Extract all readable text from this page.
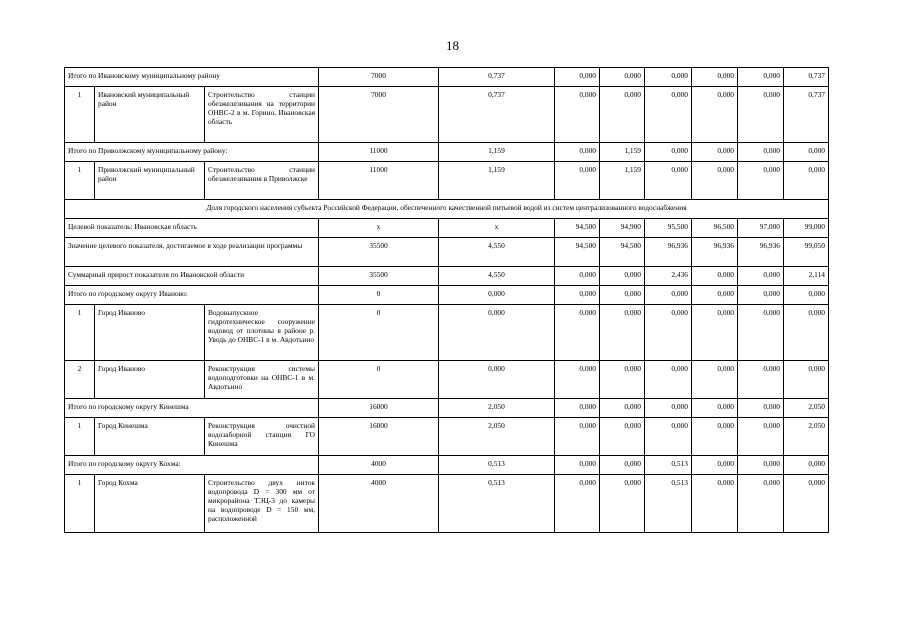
18
Итого по Ивановскому муниципальному району			7000	0,737	0,000	0,000	0,000	0,000	0,000	0,737
1	Ивановский муниципальный район	Строительство станции обезжелезивания на территории ОНВС-2 в м. Горино, Ивановская область	7000	0,737	0,000	0,000	0,000	0,000	0,000	0,737
Итого по Приволжскому муниципальному району:			11000	1,159	0,000	1,159	0,000	0,000	0,000	0,000
1	Приволжский муниципальный район	Строительство станции обезжелезивания в Приволжске	11000	1,159	0,000	1,159	0,000	0,000	0,000	0,000
Доля городского населения субъекта Российской Федерации, обеспеченного качественной питьевой водой из систем централизованного водоснабжения										
Целевой показатель: Ивановская область			х	х	94,500	94,900	95,500	96,500	97,000	99,000
Значение целевого показателя, достигаемое в ходе реализации программы			35500	4,550	94,500	94,500	96,936	96,936	96,936	99,050
Суммарный прирост показателя по Ивановской области			35500	4,550	0,000	0,000	2,436	0,000	0,000	2,114
Итого по городскому округу Иваново:			0	0,000	0,000	0,000	0,000	0,000	0,000	0,000
1	Город Иваново	Водовыпускное гидротехническое сооружение водовод от плотины в районе р. Уводь до ОНВС-1 в м. Авдотьино	0	0,000	0,000	0,000	0,000	0,000	0,000	0,000
2	Город Иваново	Реконструкция системы водоподготовки на ОНВС-1 в м. Авдотьино	0	0,000	0,000	0,000	0,000	0,000	0,000	0,000
Итого по городскому округу Кинешма			16000	2,050	0,000	0,000	0,000	0,000	0,000	2,050
1	Город Кинешма	Реконструкция очистной водозаборной станции ГО Кинешма	16000	2,050	0,000	0,000	0,000	0,000	0,000	2,050
Итого по городскому округу Кохма:			4000	0,513	0,000	0,000	0,513	0,000	0,000	0,000
1	Город Кохма	Строительство двух ниток водопровода D = 300 мм от микрорайона ТЭЦ-3 до камеры на водопроводе D = 150 мм, расположенной	4000	0,513	0,000	0,000	0,513	0,000	0,000	0,000
